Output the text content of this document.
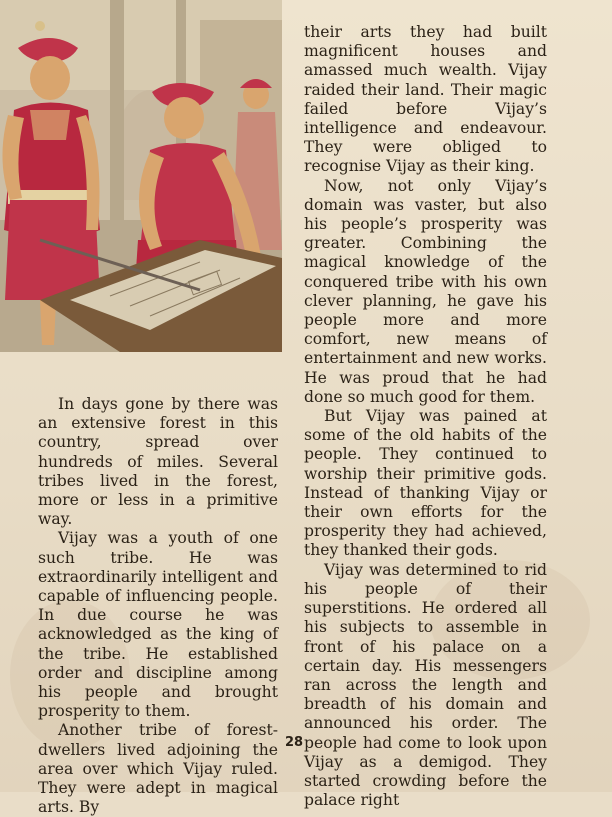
In days gone by there was an extensive forest in this country, spread over hundreds of miles. Several tribes lived in the forest, more or less in a primitive way.

Vijay was a youth of one such tribe. He was extraordinarily intelligent and capable of influencing people. In due course he was acknowledged as the king of the tribe. He established order and discipline among his people and brought prosperity to them.

Another tribe of forest-dwellers lived adjoining the area over which Vijay ruled. They were adept in magical arts. By

their arts they had built magnificent houses and amassed much wealth. Vijay raided their land. Their magic failed before Vijay’s intelligence and endeavour. They were obliged to recognise Vijay as their king.

Now, not only Vijay’s domain was vaster, but also his people’s prosperity was greater. Combining the magical knowledge of the conquered tribe with his own clever planning, he gave his people more and more comfort, new means of entertainment and new works. He was proud that he had done so much good for them.

But Vijay was pained at some of the old habits of the people. They continued to worship their primitive gods. Instead of thanking Vijay or their own efforts for the prosperity they had achieved, they thanked their gods.

Vijay was determined to rid his people of their superstitions. He ordered all his subjects to assemble in front of his palace on a certain day. His messengers ran across the length and breadth of his domain and announced his order. The people had come to look upon Vijay as a demigod. They started crowding before the palace right

28
